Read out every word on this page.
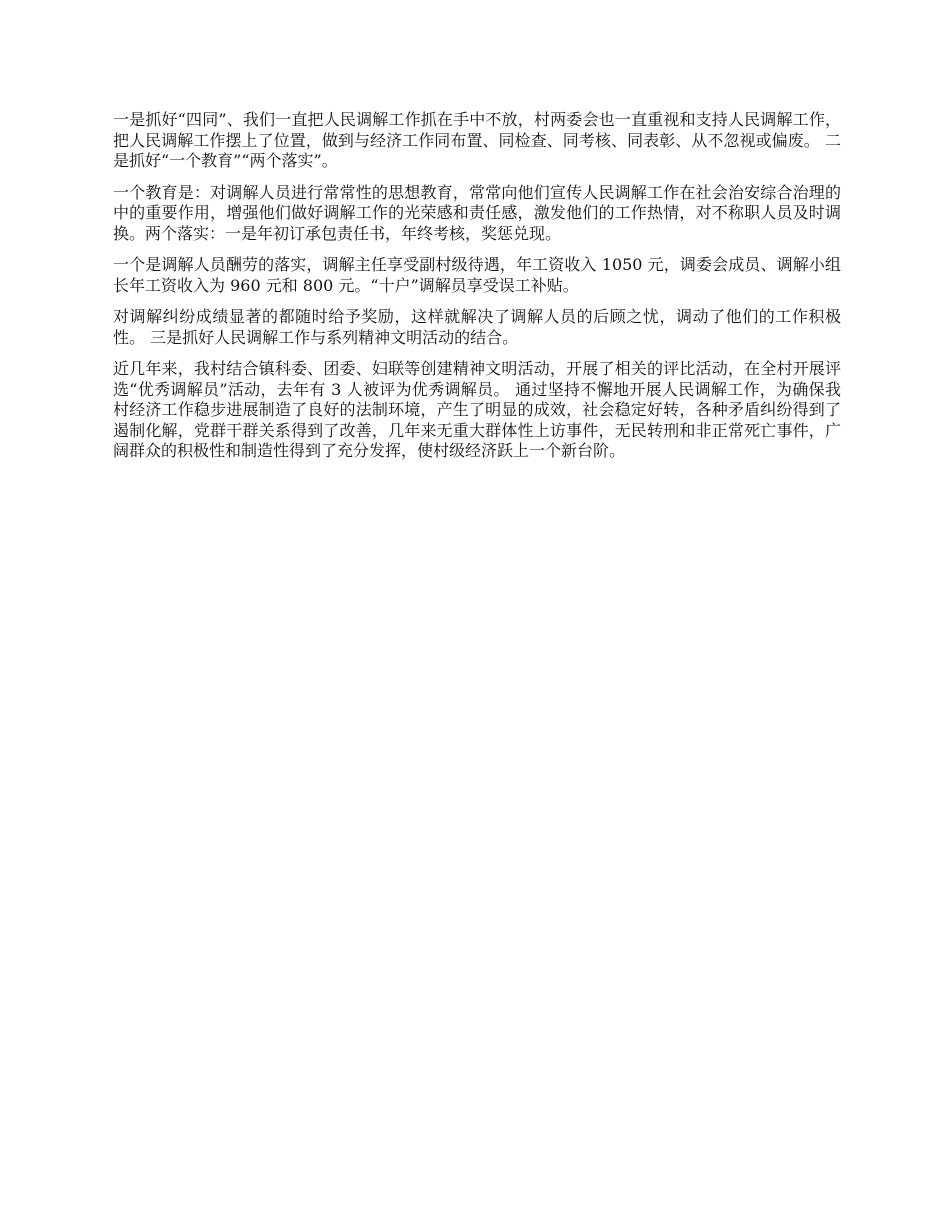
一是抓好“四同”、我们一直把人民调解工作抓在手中不放，村两委会也一直重视和支持人民调解工作，把人民调解工作摆上了位置，做到与经济工作同布置、同检查、同考核、同表彰、从不忽视或偏废。 二是抓好“一个教育”“两个落实”。

一个教育是：对调解人员进行常常性的思想教育，常常向他们宣传人民调解工作在社会治安综合治理的中的重要作用，增强他们做好调解工作的光荣感和责任感，激发他们的工作热情，对不称职人员及时调换。两个落实：一是年初订承包责任书，年终考核，奖惩兑现。

一个是调解人员酬劳的落实，调解主任享受副村级待遇，年工资收入 1050 元，调委会成员、调解小组长年工资收入为 960 元和 800 元。“十户”调解员享受误工补贴。

对调解纠纷成绩显著的都随时给予奖励，这样就解决了调解人员的后顾之忧，调动了他们的工作积极性。 三是抓好人民调解工作与系列精神文明活动的结合。

近几年来，我村结合镇科委、团委、妇联等创建精神文明活动，开展了相关的评比活动，在全村开展评选“优秀调解员”活动，去年有 3 人被评为优秀调解员。 通过坚持不懈地开展人民调解工作，为确保我村经济工作稳步进展制造了良好的法制环境，产生了明显的成效，社会稳定好转，各种矛盾纠纷得到了遏制化解，党群干群关系得到了改善，几年来无重大群体性上访事件，无民转刑和非正常死亡事件，广阔群众的积极性和制造性得到了充分发挥，使村级经济跃上一个新台阶。
